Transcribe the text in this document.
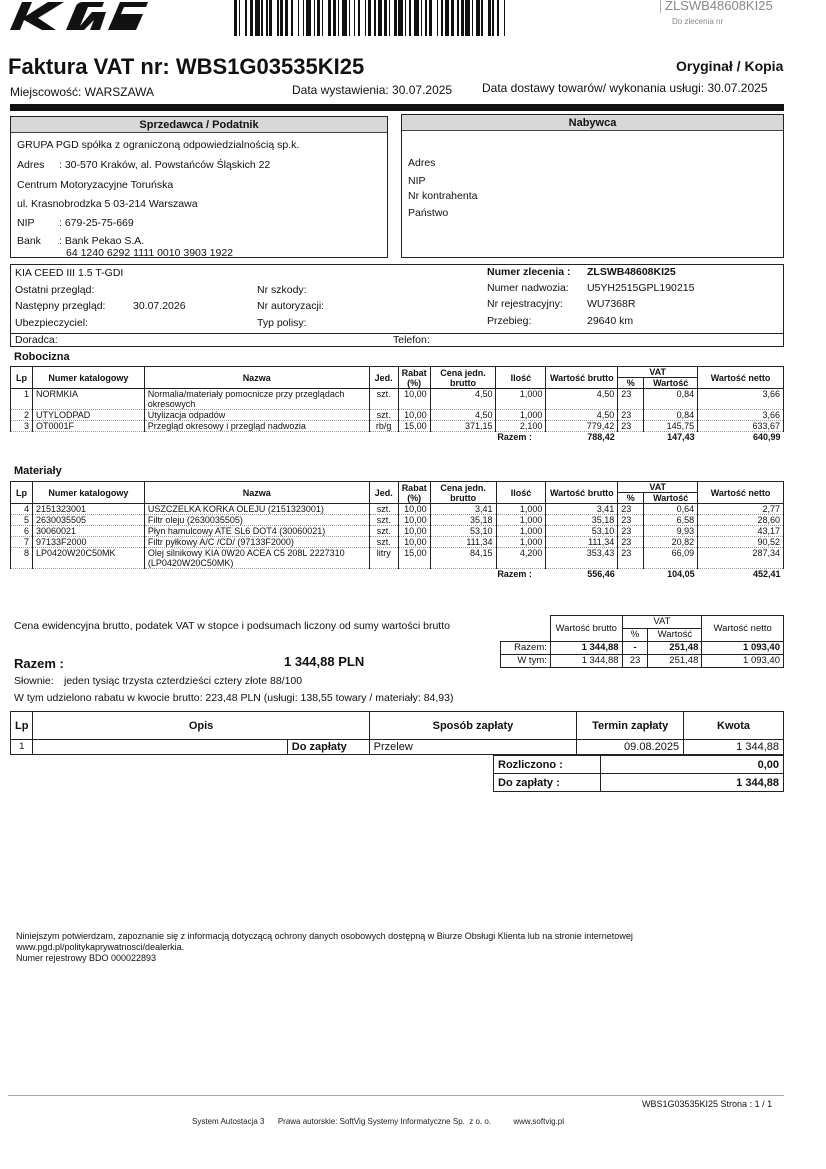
ZLSWB48608KI25
Do zlecenia nr
Faktura VAT nr: WBS1G03535KI25	Oryginał / Kopia
Miejscowość: WARSZAWA	Data wystawienia: 30.07.2025 Data dostawy towarów/ wykonania usługi: 30.07.2025
Sprzedawca / Podatnik
GRUPA PGD spółka z ograniczoną odpowiedzialnością sp.k.
Adres : 30-570 Kraków, al. Powstańców Śląskich 22
Centrum Motoryzacyjne Toruńska
ul. Krasnobrodzka 5 03-214 Warszawa
NIP : 679-25-75-669
Bank : Bank Pekao S.A.
64 1240 6292 1111 0010 3903 1922
Nabywca
Adres
NIP
Nr kontrahenta
Państwo
KIA CEED III 1.5 T-GDI
Ostatni przegląd:
Następny przegląd:	30.07.2026
Ubezpieczyciel:
Nr szkody:
Nr autoryzacji:
Typ polisy:
Numer zlecenia : ZLSWB48608KI25
Numer nadwozia: U5YH2515GPL190215
Nr rejestracyjny: WU7368R
Przebieg:	29640 km
Doradca:	Telefon:
Robocizna
Lp	Numer katalogowy	Nazwa	Jed.	Rabat (%)	Cena jedn. brutto	Ilość	Wartość brutto	VAT		Wartość netto
								%	Wartość	
1	NORMKIA	Normalia/materiały pomocnicze przy przeglądach
okresowych	szt.	10,00	4,50	1,000	4,50	23	0,84	3,66
2	UTYLODPAD	Utylizacja odpadów	szt.	10,00	4,50	1,000	4,50	23	0,84	3,66
3	OT0001F	Przegląd okresowy i przegląd nadwozia	rb/g	15,00	371,15	2,100	779,42	23	145,75	633,67
Razem :							788,42		147,43	640,99
Materiały
Lp	Numer katalogowy	Nazwa	Jed.	Rabat (%)	Cena jedn. brutto	Ilość	Wartość brutto	VAT		Wartość netto
								%	Wartość	
4	2151323001	USZCZELKA KORKA OLEJU (2151323001)	szt.	10,00	3,41	1,000	3,41	23	0,64	2,77
5	2630035505	Filtr oleju (2630035505)	szt.	10,00	35,18	1,000	35,18	23	6,58	28,60
6	30060021	Płyn hamulcowy ATE SL6 DOT4 (30060021)	szt.	10,00	53,10	1,000	53,10	23	9,93	43,17
7	97133F2000	Filtr pyłkowy A/C /CD/ (97133F2000)	szt.	10,00	111,34	1,000	111,34	23	20,82	90,52
8	LP0420W20C50MK	Olej silnikowy KIA 0W20 ACEA C5 208L 2227310
(LP0420W20C50MK)	litry	15,00	84,15	4,200	353,43	23	66,09	287,34
Razem :							556,46		104,05	452,41
Cena ewidencyjna brutto, podatek VAT w stopce i podsumach liczony od sumy wartości brutto
		Wartość brutto	VAT		Wartość netto
		%	Wartość	
Razem:	1 344,88	-	251,48	1 093,40
W tym:	1 344,88	23	251,48	1 093,40
Razem :	1 344,88 PLN
Słownie: jeden tysiąc trzysta czterdzieści cztery złote 88/100
W tym udzielono rabatu w kwocie brutto: 223,48 PLN (usługi: 138,55 towary / materiały: 84,93)
Lp	Opis		Sposób zapłaty	Termin zapłaty	Kwota
1		Do zapłaty	Przelew	09.08.2025	1 344,88
Rozliczono :	0,00
Do zapłaty :	1 344,88
Niniejszym potwierdzam, zapoznanie się z informacją dotyczącą ochrony danych osobowych dostępną w Biurze Obsługi Klienta lub na stronie internetowej
www.pgd.pl/politykaprywatnosci/dealerkia.
Numer rejestrowy BDO 000022893
WBS1G03535KI25 Strona : 1 / 1
System Autostacja 3      Prawa autorskie: SoftVig Systemy Informatyczne Sp.  z o. o.          www.softvig.pl
